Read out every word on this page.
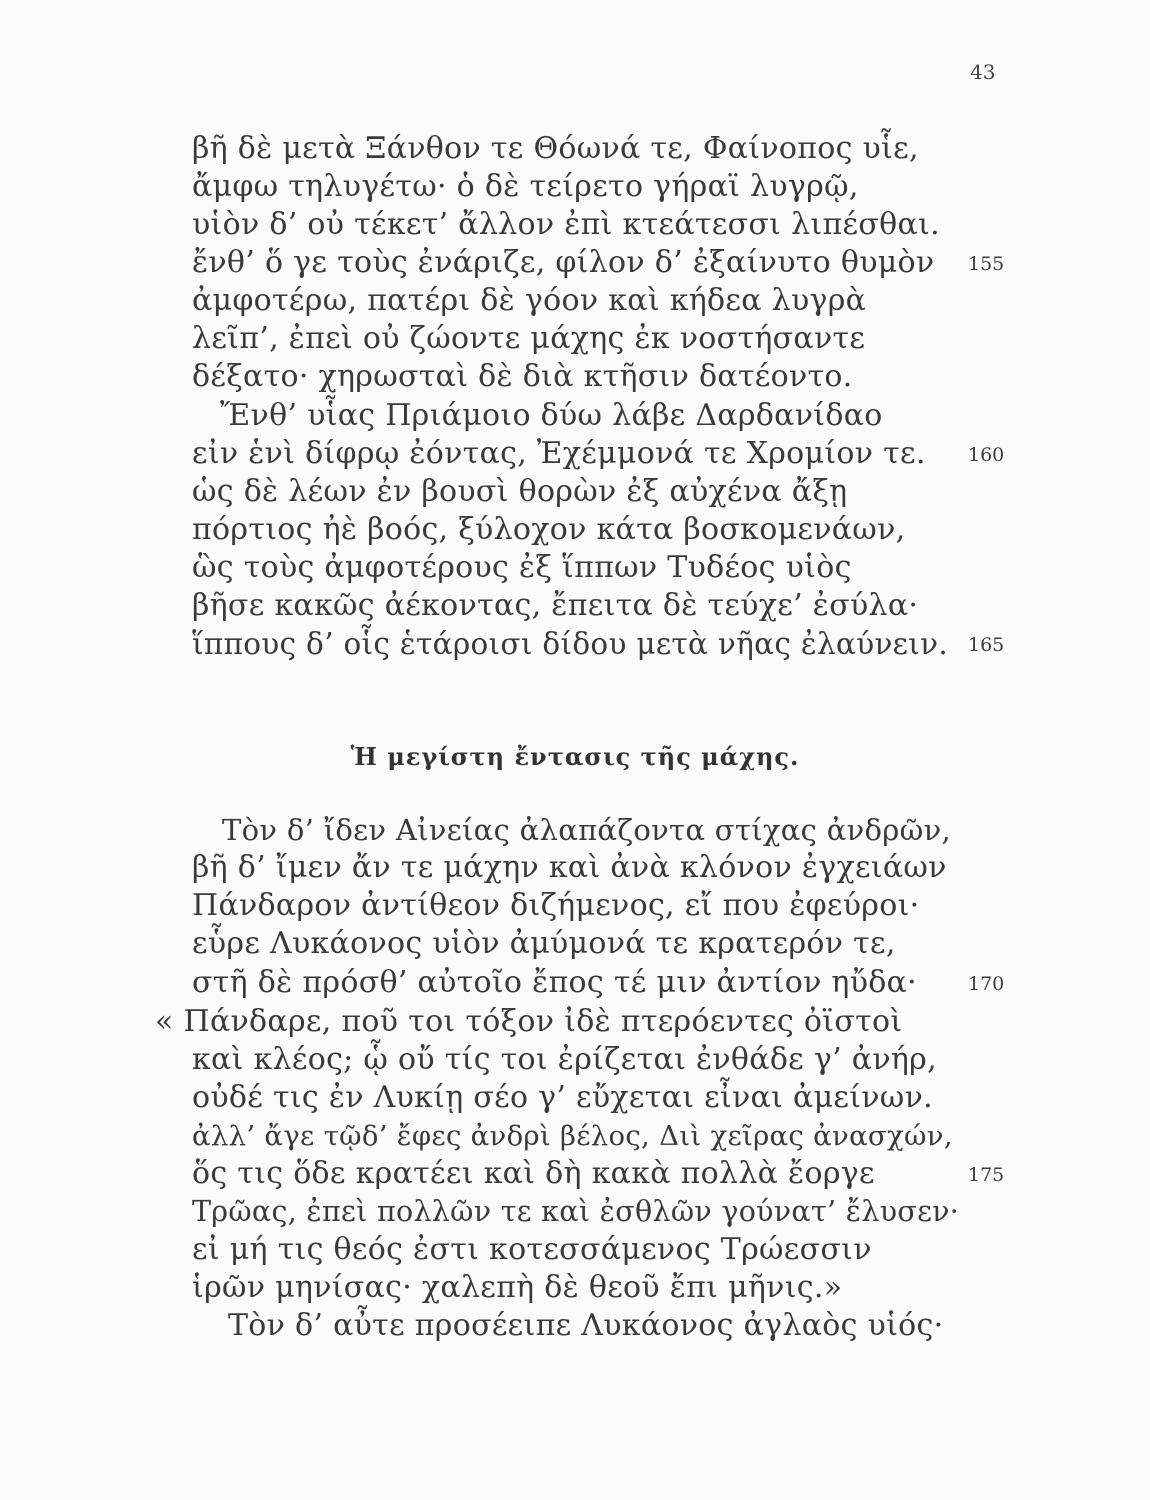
43
βῆ δὲ μετὰ Ξάνθον τε Θόωνά τε, Φαίνοπος υἷε,
ἄμφω τηλυγέτω· ὁ δὲ τείρετο γήραϊ λυγρῷ,
υἱὸν δ’ οὐ τέκετ’ ἄλλον ἐπὶ κτεάτεσσι λιπέσθαι.
ἔνθ’ ὅ γε τοὺς ἐνάριζε, φίλον δ’ ἐξαίνυτο θυμὸν 155
ἀμφοτέρω, πατέρι δὲ γόον καὶ κήδεα λυγρὰ
λεῖπ’, ἐπεὶ οὐ ζώοντε μάχης ἐκ νοστήσαντε
δέξατο· χηρωσταὶ δὲ διὰ κτῆσιν δατέοντο.
Ἔνθ’ υἷας Πριάμοιο δύω λάβε Δαρδανίδαο
εἰν ἑνὶ δίφρῳ ἐόντας, Ἐχέμμονά τε Χρομίον τε. 160
ὡς δὲ λέων ἐν βουσὶ θορὼν ἐξ αὐχένα ἄξῃ
πόρτιος ἠὲ βοός, ξύλοχον κάτα βοσκομενάων,
ὣς τοὺς ἀμφοτέρους ἐξ ἵππων Τυδέος υἱὸς
βῆσε κακῶς ἀέκοντας, ἔπειτα δὲ τεύχε’ ἐσύλα·
ἵππους δ’ οἷς ἑτάροισι δίδου μετὰ νῆας ἐλαύνειν. 165
Ἡ μεγίστη ἔντασις τῆς μάχης.
Τὸν δ’ ἴδεν Αἰνείας ἀλαπάζοντα στίχας ἀνδρῶν,
βῆ δ’ ἴμεν ἄν τε μάχην καὶ ἀνὰ κλόνον ἐγχειάων
Πάνδαρον ἀντίθεον διζήμενος, εἴ που ἐφεύροι·
εὗρε Λυκάονος υἱὸν ἀμύμονά τε κρατερόν τε,
στῆ δὲ πρόσθ’ αὐτοῖο ἔπος τέ μιν ἀντίον ηὔδα·	170
« Πάνδαρε, ποῦ τοι τόξον ἰδὲ πτερόεντες ὀϊστοὶ
καὶ κλέος; ᾧ οὔ τίς τοι ἐρίζεται ἐνθάδε γ’ ἀνήρ,
οὐδέ τις ἐν Λυκίῃ σέο γ’ εὔχεται εἶναι ἀμείνων.
ἀλλ’ ἄγε τῷδ’ ἔφες ἀνδρὶ βέλος, Διὶ χεῖρας ἀνασχών,
ὅς τις ὅδε κρατέει καὶ δὴ κακὰ πολλὰ ἔοργε	175
Τρῶας, ἐπεὶ πολλῶν τε καὶ ἐσθλῶν γούνατ’ ἔλυσεν·
εἰ μή τις θεός ἐστι κοτεσσάμενος Τρώεσσιν
ἱρῶν μηνίσας· χαλεπὴ δὲ θεοῦ ἔπι μῆνις.»
Τὸν δ’ αὖτε προσέειπε Λυκάονος ἀγλαὸς υἱός·
